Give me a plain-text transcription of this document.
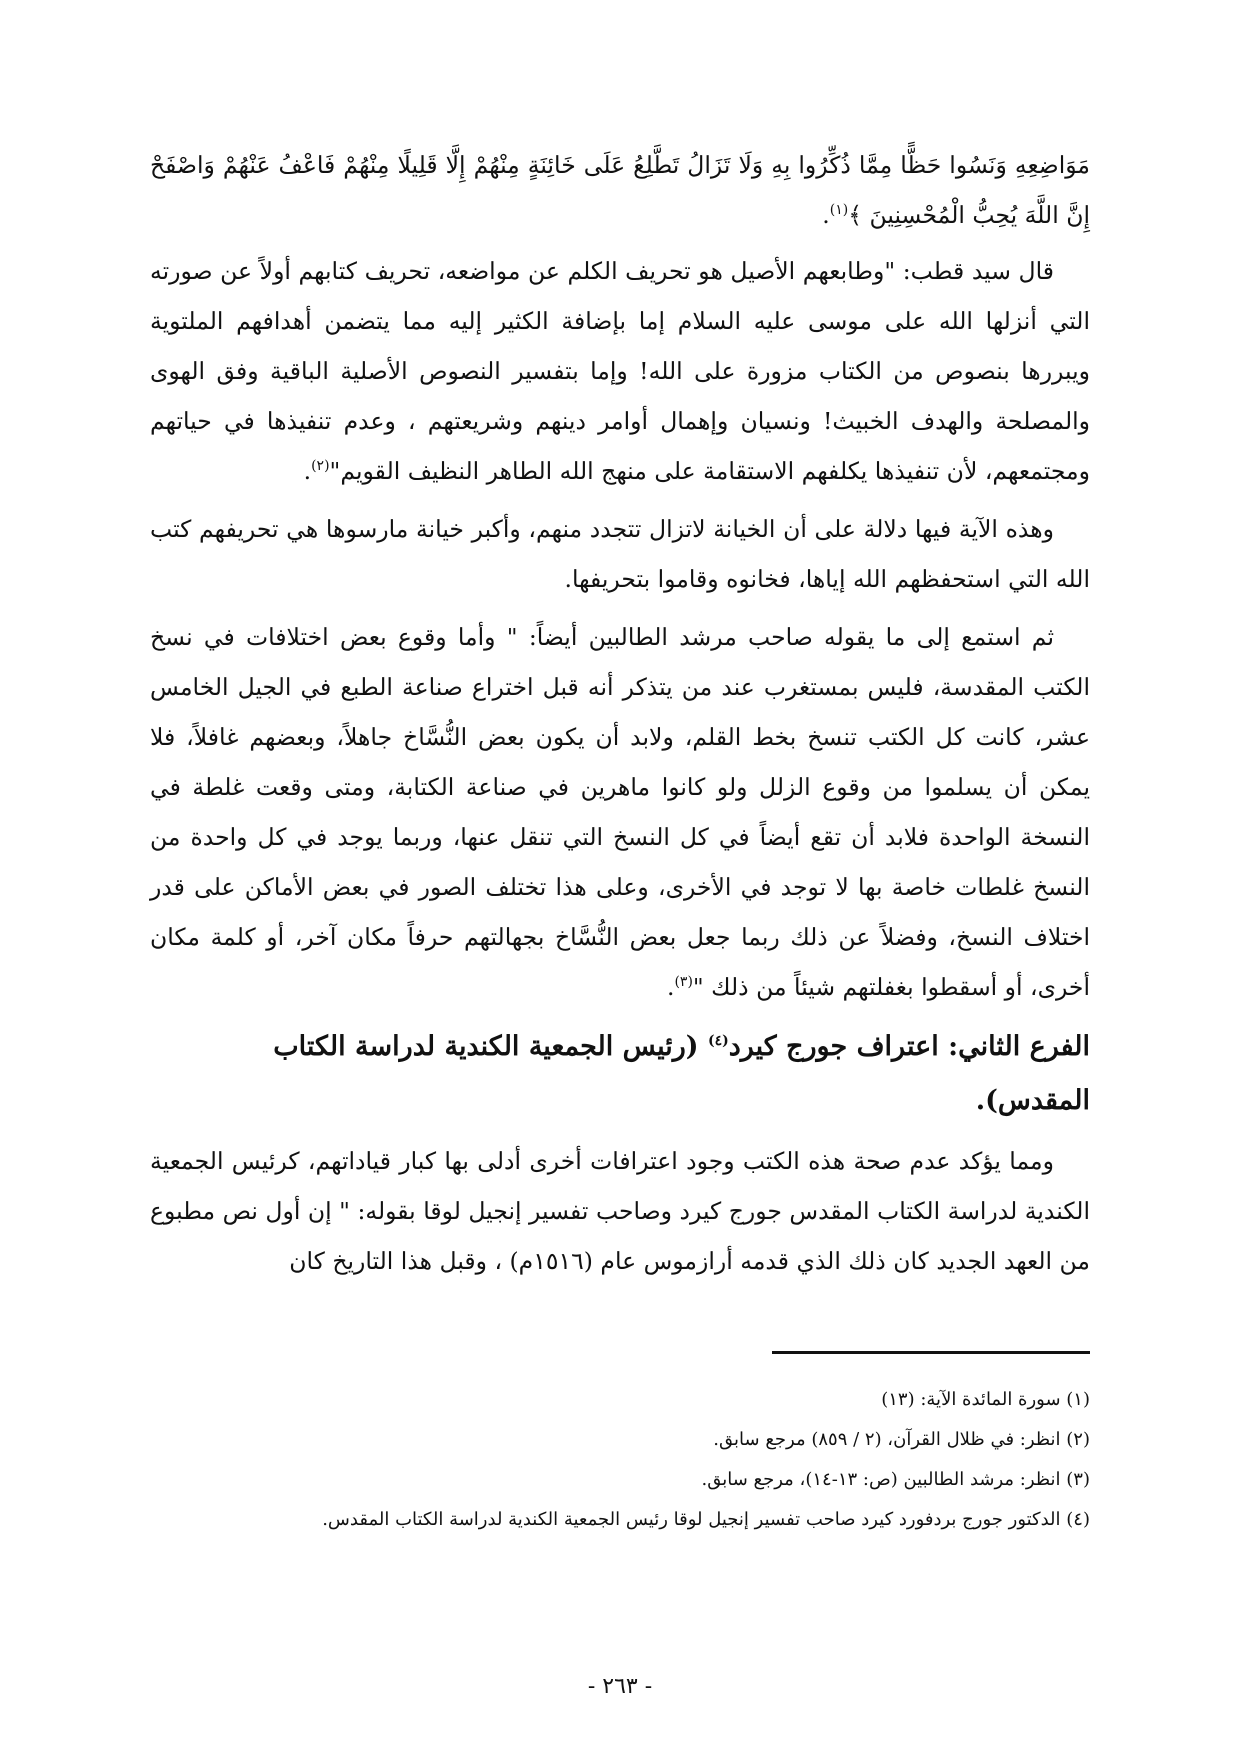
مَوَاضِعِهِ وَنَسُوا حَظًّا مِمَّا ذُكِّرُوا بِهِ وَلَا تَزَالُ تَطَّلِعُ عَلَى خَائِنَةٍ مِنْهُمْ إِلَّا قَلِيلًا مِنْهُمْ فَاعْفُ عَنْهُمْ وَاصْفَحْ إِنَّ اللَّهَ يُحِبُّ الْمُحْسِنِينَ ﴾$^{(١)}$.

قال سيد قطب: "وطابعهم الأصيل هو تحريف الكلم عن مواضعه، تحريف كتابهم أولاً عن صورته التي أنزلها الله على موسى عليه السلام إما بإضافة الكثير إليه مما يتضمن أهدافهم الملتوية ويبررها بنصوص من الكتاب مزورة على الله! وإما بتفسير النصوص الأصلية الباقية وفق الهوى والمصلحة والهدف الخبيث! ونسيان وإهمال أوامر دينهم وشريعتهم ، وعدم تنفيذها في حياتهم ومجتمعهم، لأن تنفيذها يكلفهم الاستقامة على منهج الله الطاهر النظيف القويم"$^{(٢)}$.

وهذه الآية فيها دلالة على أن الخيانة لاتزال تتجدد منهم، وأكبر خيانة مارسوها هي تحريفهم كتب الله التي استحفظهم الله إياها، فخانوه وقاموا بتحريفها.

ثم استمع إلى ما يقوله صاحب مرشد الطالبين أيضاً: " وأما وقوع بعض اختلافات في نسخ الكتب المقدسة، فليس بمستغرب عند من يتذكر أنه قبل اختراع صناعة الطبع في الجيل الخامس عشر، كانت كل الكتب تنسخ بخط القلم، ولابد أن يكون بعض النُّسَّاخ جاهلاً، وبعضهم غافلاً، فلا يمكن أن يسلموا من وقوع الزلل ولو كانوا ماهرين في صناعة الكتابة، ومتى وقعت غلطة في النسخة الواحدة فلابد أن تقع أيضاً في كل النسخ التي تنقل عنها، وربما يوجد في كل واحدة من النسخ غلطات خاصة بها لا توجد في الأخرى، وعلى هذا تختلف الصور في بعض الأماكن على قدر اختلاف النسخ، وفضلاً عن ذلك ربما جعل بعض النُّسَّاخ بجهالتهم حرفاً مكان آخر، أو كلمة مكان أخرى، أو أسقطوا بغفلتهم شيئاً من ذلك "$^{(٣)}$.

الفرع الثاني: اعتراف جورج كيرد$^{(٤)}$ (رئيس الجمعية الكندية لدراسة الكتاب المقدس).

ومما يؤكد عدم صحة هذه الكتب وجود اعترافات أخرى أدلى بها كبار قياداتهم، كرئيس الجمعية الكندية لدراسة الكتاب المقدس جورج كيرد وصاحب تفسير إنجيل لوقا بقوله: " إن أول نص مطبوع من العهد الجديد كان ذلك الذي قدمه أرازموس عام (١٥١٦م) ، وقبل هذا التاريخ كان

(١) سورة المائدة الآية: (١٣)
(٢) انظر: في ظلال القرآن، (٢ / ٨٥٩) مرجع سابق.
(٣) انظر: مرشد الطالبين (ص: ١٣-١٤)، مرجع سابق.
(٤) الدكتور جورج بردفورد كيرد صاحب تفسير إنجيل لوقا رئيس الجمعية الكندية لدراسة الكتاب المقدس.
- ٢٦٣ -
